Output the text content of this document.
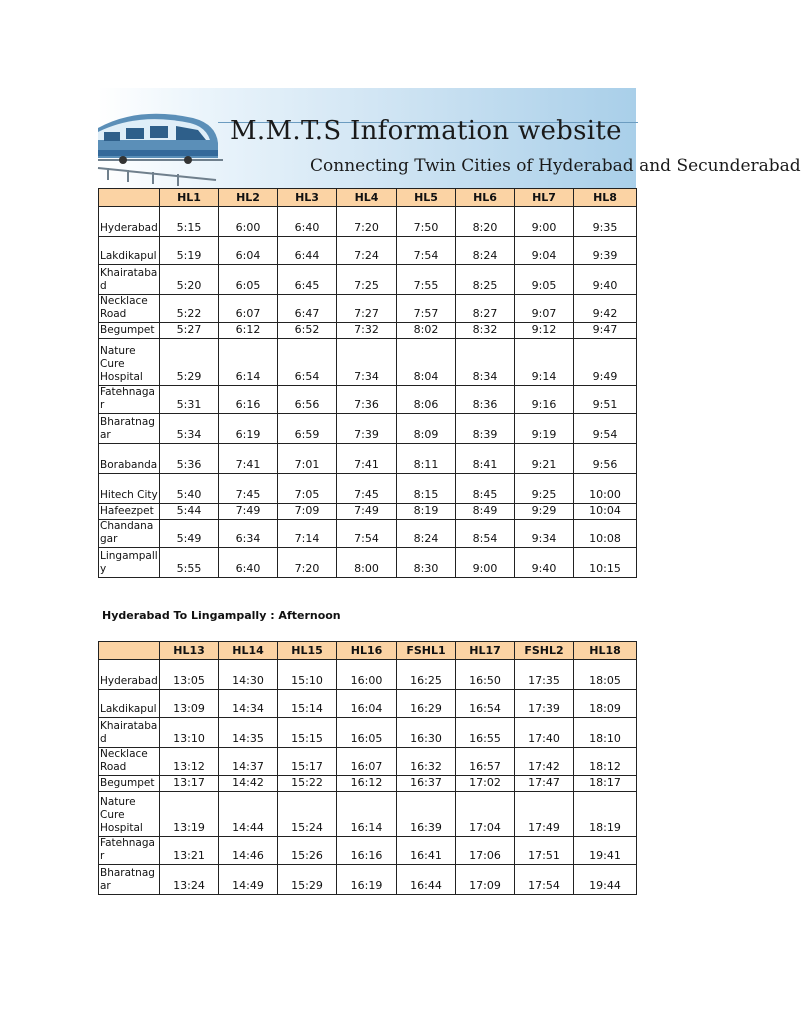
M.M.T.S Information website
Connecting Twin Cities of Hyderabad and Secunderabad
	HL1	HL2	HL3	HL4	HL5	HL6	HL7	HL8
Hyderabad	5:15	6:00	6:40	7:20	7:50	8:20	9:00	9:35
Lakdikapul	5:19	6:04	6:44	7:24	7:54	8:24	9:04	9:39
Khairataba d	5:20	6:05	6:45	7:25	7:55	8:25	9:05	9:40
Necklace Road	5:22	6:07	6:47	7:27	7:57	8:27	9:07	9:42
Begumpet	5:27	6:12	6:52	7:32	8:02	8:32	9:12	9:47
Nature Cure Hospital	5:29	6:14	6:54	7:34	8:04	8:34	9:14	9:49
Fatehnaga r	5:31	6:16	6:56	7:36	8:06	8:36	9:16	9:51
Bharatnag ar	5:34	6:19	6:59	7:39	8:09	8:39	9:19	9:54
Borabanda	5:36	7:41	7:01	7:41	8:11	8:41	9:21	9:56
Hitech City	5:40	7:45	7:05	7:45	8:15	8:45	9:25	10:00
Hafeezpet	5:44	7:49	7:09	7:49	8:19	8:49	9:29	10:04
Chandana gar	5:49	6:34	7:14	7:54	8:24	8:54	9:34	10:08
Lingampall y	5:55	6:40	7:20	8:00	8:30	9:00	9:40	10:15
Hyderabad To Lingampally : Afternoon
	HL13	HL14	HL15	HL16	FSHL1	HL17	FSHL2	HL18
Hyderabad	13:05	14:30	15:10	16:00	16:25	16:50	17:35	18:05
Lakdikapul	13:09	14:34	15:14	16:04	16:29	16:54	17:39	18:09
Khairataba d	13:10	14:35	15:15	16:05	16:30	16:55	17:40	18:10
Necklace Road	13:12	14:37	15:17	16:07	16:32	16:57	17:42	18:12
Begumpet	13:17	14:42	15:22	16:12	16:37	17:02	17:47	18:17
Nature Cure Hospital	13:19	14:44	15:24	16:14	16:39	17:04	17:49	18:19
Fatehnaga r	13:21	14:46	15:26	16:16	16:41	17:06	17:51	19:41
Bharatnag ar	13:24	14:49	15:29	16:19	16:44	17:09	17:54	19:44
